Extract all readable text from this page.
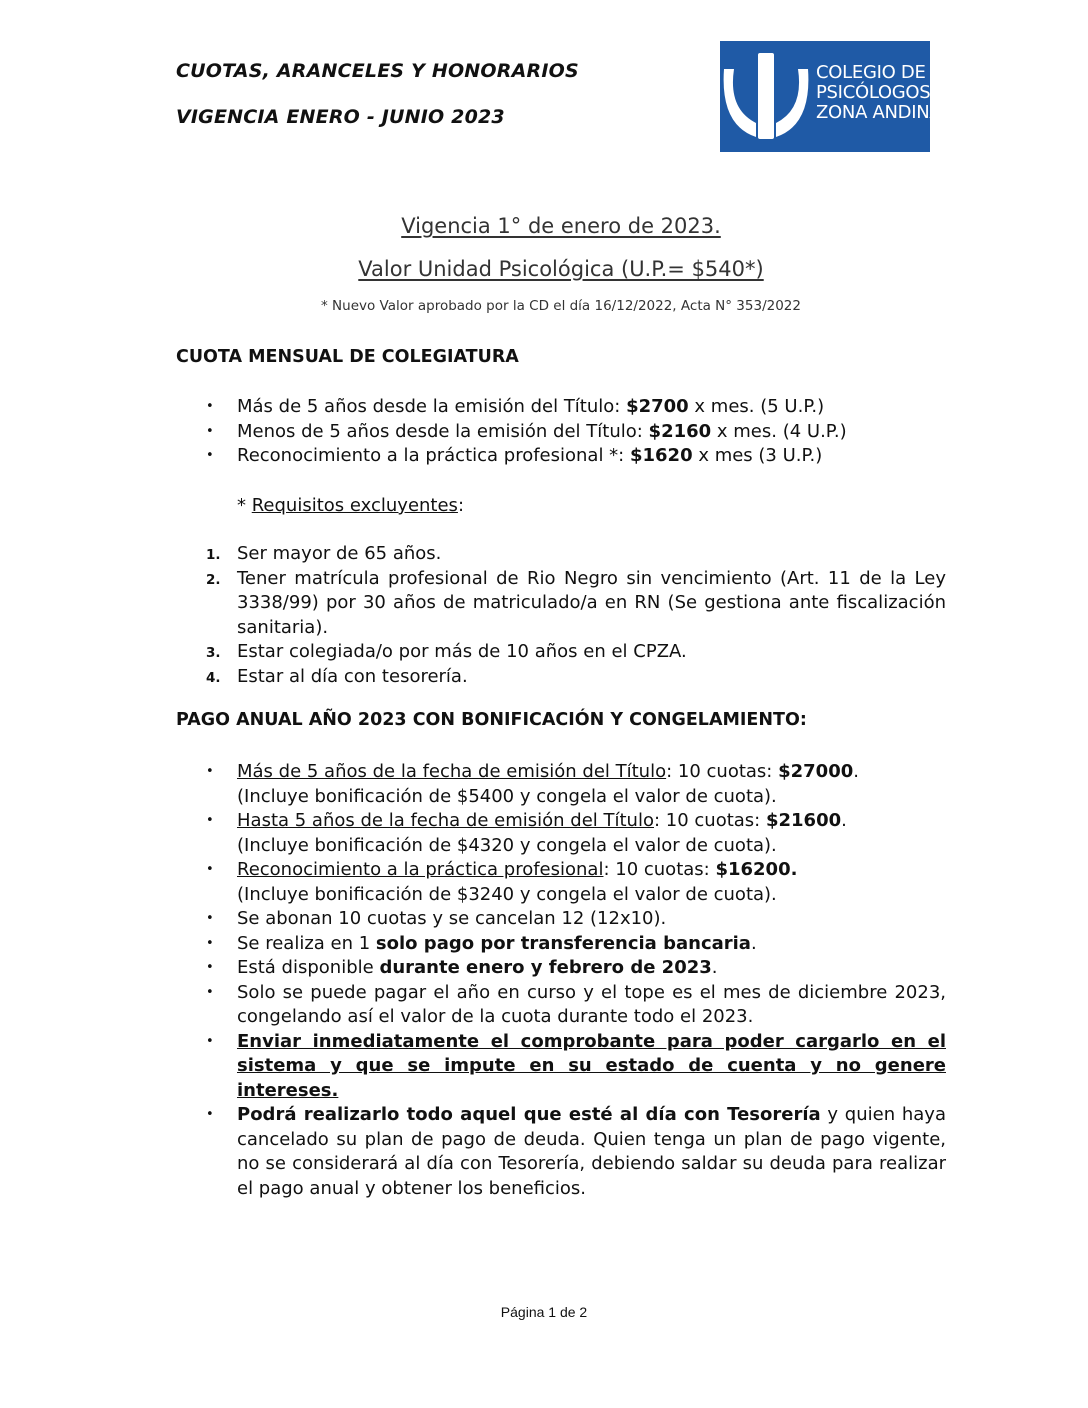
CUOTAS, ARANCELES Y HONORARIOS
VIGENCIA ENERO - JUNIO 2023
COLEGIO DE
PSICÓLOGOS
ZONA ANDINA
Vigencia 1° de enero de 2023.
Valor Unidad Psicológica (U.P.= $540*)
* Nuevo Valor aprobado por la CD el día 16/12/2022, Acta N° 353/2022
CUOTA MENSUAL DE COLEGIATURA
• Más de 5 años desde la emisión del Título: $2700 x mes. (5 U.P.)
• Menos de 5 años desde la emisión del Título: $2160 x mes. (4 U.P.)
• Reconocimiento a la práctica profesional *: $1620 x mes (3 U.P.)
* Requisitos excluyentes:
1. Ser mayor de 65 años.
2. Tener matrícula profesional de Rio Negro sin vencimiento (Art. 11 de la Ley 3338/99) por 30 años de matriculado/a en RN (Se gestiona ante fiscalización sanitaria).
3. Estar colegiada/o por más de 10 años en el CPZA.
4. Estar al día con tesorería.
PAGO ANUAL AÑO 2023 CON BONIFICACIÓN Y CONGELAMIENTO:
• Más de 5 años de la fecha de emisión del Título: 10 cuotas: $27000.
(Incluye bonificación de $5400 y congela el valor de cuota).
• Hasta 5 años de la fecha de emisión del Título: 10 cuotas: $21600.
(Incluye bonificación de $4320 y congela el valor de cuota).
• Reconocimiento a la práctica profesional: 10 cuotas: $16200.
(Incluye bonificación de $3240 y congela el valor de cuota).
• Se abonan 10 cuotas y se cancelan 12 (12x10).
• Se realiza en 1 solo pago por transferencia bancaria.
• Está disponible durante enero y febrero de 2023.
• Solo se puede pagar el año en curso y el tope es el mes de diciembre 2023, congelando así el valor de la cuota durante todo el 2023.
• Enviar inmediatamente el comprobante para poder cargarlo en el sistema y que se impute en su estado de cuenta y no genere intereses.
• Podrá realizarlo todo aquel que esté al día con Tesorería y quien haya cancelado su plan de pago de deuda. Quien tenga un plan de pago vigente, no se considerará al día con Tesorería, debiendo saldar su deuda para realizar el pago anual y obtener los beneficios.
Página 1 de 2
